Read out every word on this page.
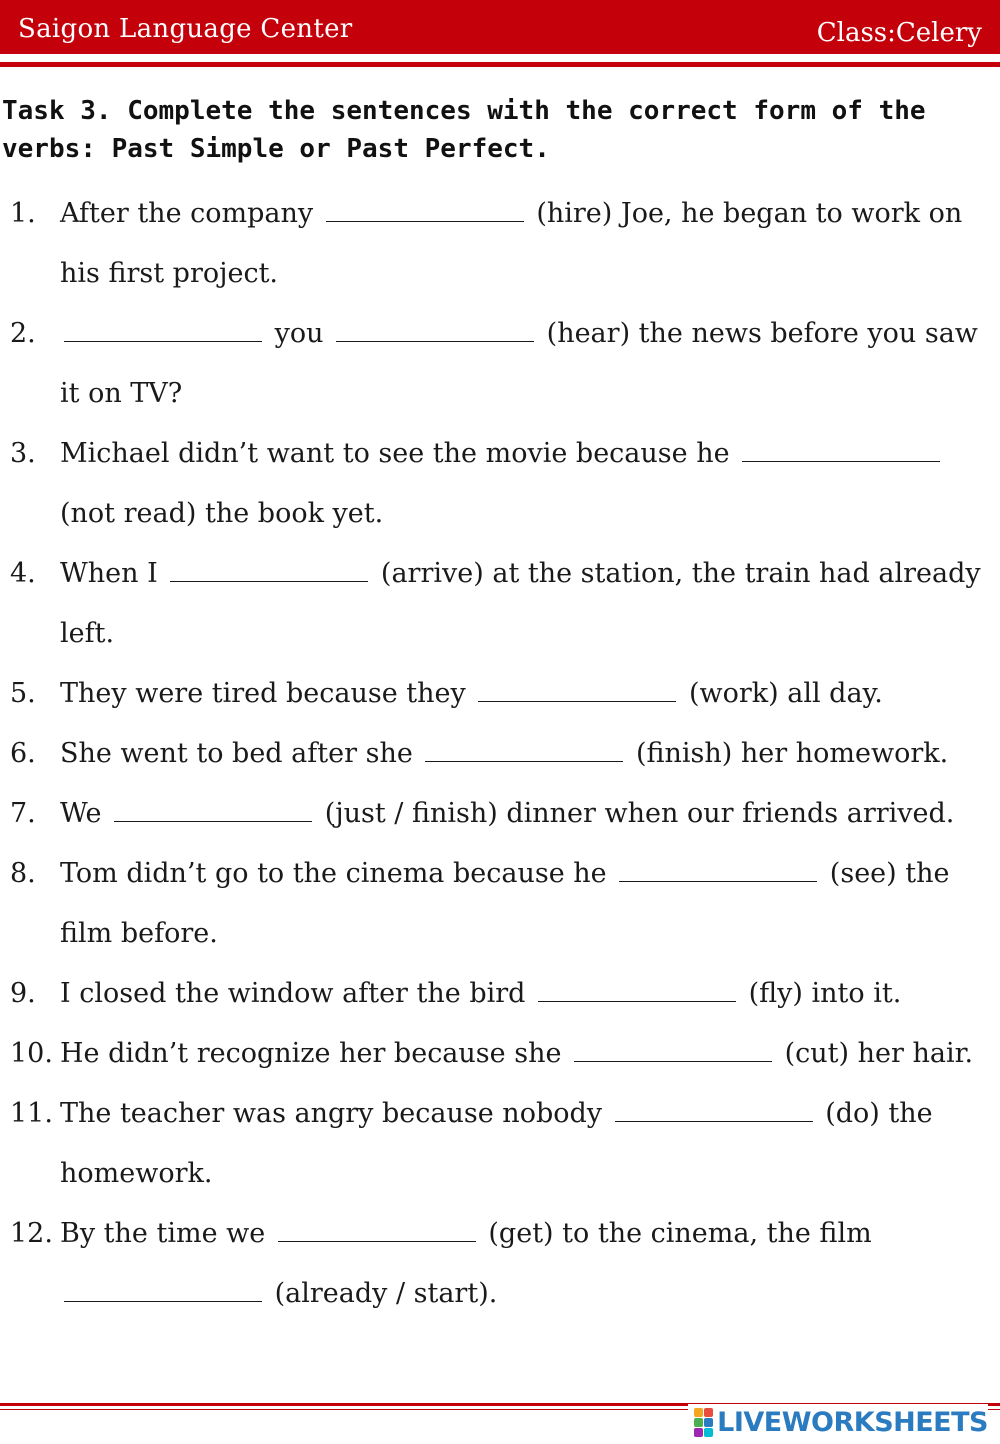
Saigon Language Center	Class:Celery
Task 3. Complete the sentences with the correct form of the verbs: Past Simple or Past Perfect.
1. After the company	(hire) Joe, he began to work on his first project.
2.	you	(hear) the news before you saw it on TV?
3. Michael didn’t want to see the movie because he  (not read) the book yet.
4. When I	(arrive) at the station, the train had already left.
5. They were tired because they	(work) all day.
6. She went to bed after she	(finish) her homework.
7. We	(just / finish) dinner when our friends arrived.
8. Tom didn’t go to the cinema because he	(see) the film before.
9. I closed the window after the bird	(fly) into it.
10. He didn’t recognize her because she	(cut) her hair.
11. The teacher was angry because nobody	(do) the homework.
12. By the time we	(get) to the cinema, the film  (already / start).
LIVEWORKSHEETS
